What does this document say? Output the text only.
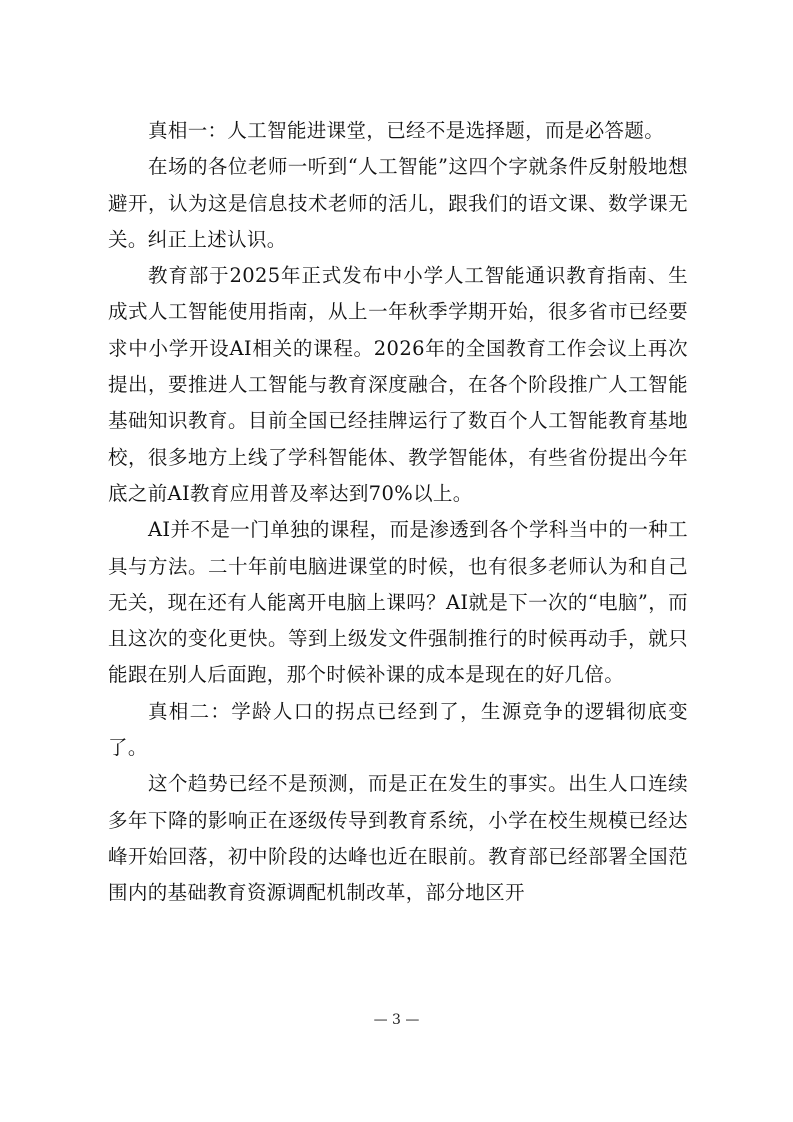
真相一：人工智能进课堂，已经不是选择题，而是必答题。

在场的各位老师一听到“人工智能”这四个字就条件反射般地想避开，认为这是信息技术老师的活儿，跟我们的语文课、数学课无关。纠正上述认识。

教育部于2025年正式发布中小学人工智能通识教育指南、生成式人工智能使用指南，从上一年秋季学期开始，很多省市已经要求中小学开设AI相关的课程。2026年的全国教育工作会议上再次提出，要推进人工智能与教育深度融合，在各个阶段推广人工智能基础知识教育。目前全国已经挂牌运行了数百个人工智能教育基地校，很多地方上线了学科智能体、教学智能体，有些省份提出今年底之前AI教育应用普及率达到70%以上。

AI并不是一门单独的课程，而是渗透到各个学科当中的一种工具与方法。二十年前电脑进课堂的时候，也有很多老师认为和自己无关，现在还有人能离开电脑上课吗？AI就是下一次的“电脑”，而且这次的变化更快。等到上级发文件强制推行的时候再动手，就只能跟在别人后面跑，那个时候补课的成本是现在的好几倍。

真相二：学龄人口的拐点已经到了，生源竞争的逻辑彻底变了。

这个趋势已经不是预测，而是正在发生的事实。出生人口连续多年下降的影响正在逐级传导到教育系统，小学在校生规模已经达峰开始回落，初中阶段的达峰也近在眼前。教育部已经部署全国范围内的基础教育资源调配机制改革，部分地区开

— 3 —
